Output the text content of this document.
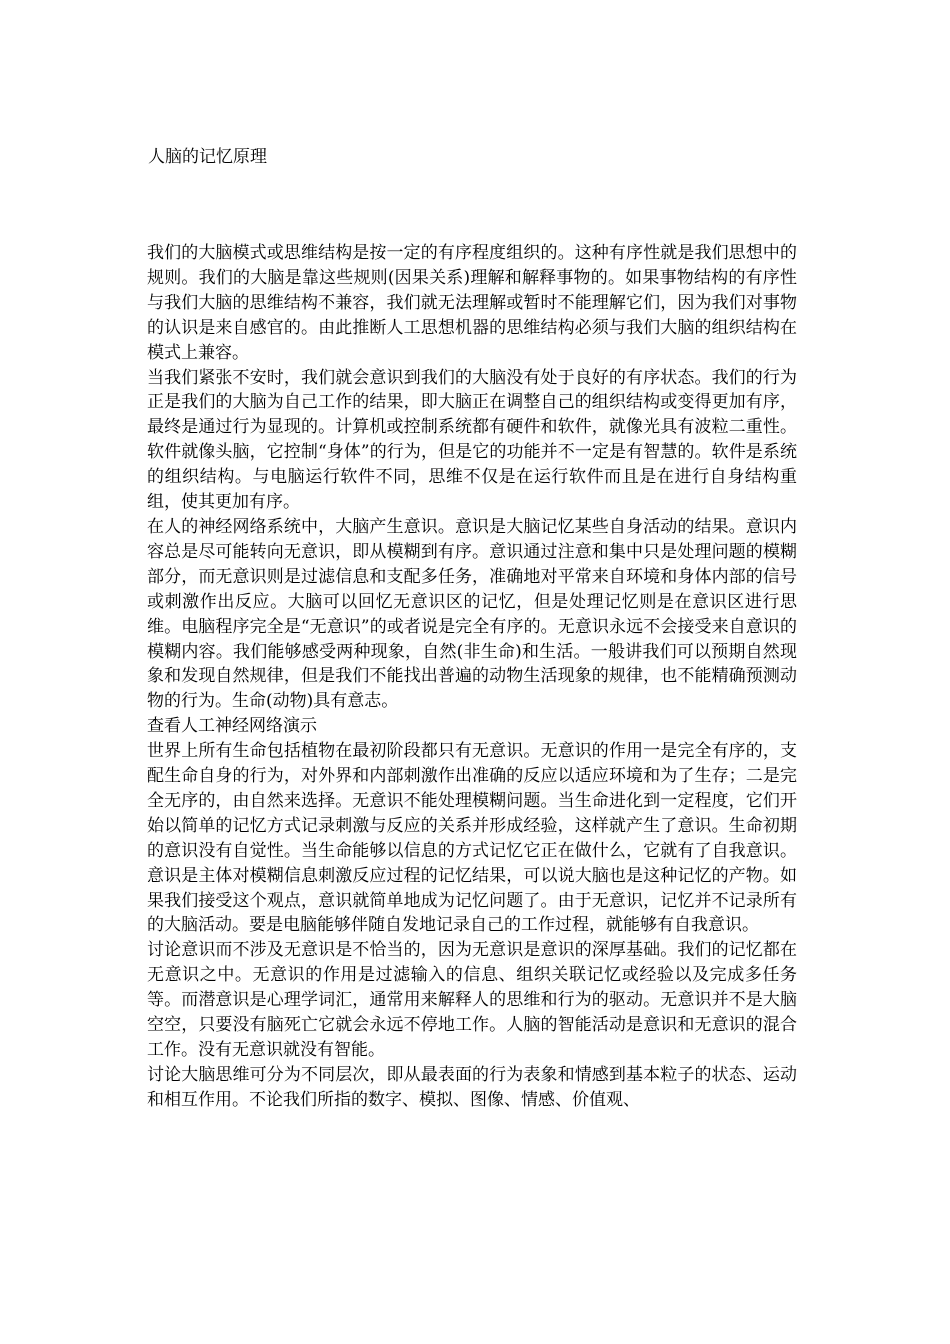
人脑的记忆原理

我们的大脑模式或思维结构是按一定的有序程度组织的。这种有序性就是我们思想中的规则。我们的大脑是靠这些规则(因果关系)理解和解释事物的。如果事物结构的有序性与我们大脑的思维结构不兼容，我们就无法理解或暂时不能理解它们，因为我们对事物的认识是来自感官的。由此推断人工思想机器的思维结构必须与我们大脑的组织结构在模式上兼容。

当我们紧张不安时，我们就会意识到我们的大脑没有处于良好的有序状态。我们的行为正是我们的大脑为自己工作的结果，即大脑正在调整自己的组织结构或变得更加有序，最终是通过行为显现的。计算机或控制系统都有硬件和软件，就像光具有波粒二重性。软件就像头脑，它控制“身体”的行为，但是它的功能并不一定是有智慧的。软件是系统的组织结构。与电脑运行软件不同，思维不仅是在运行软件而且是在进行自身结构重组，使其更加有序。

在人的神经网络系统中，大脑产生意识。意识是大脑记忆某些自身活动的结果。意识内容总是尽可能转向无意识，即从模糊到有序。意识通过注意和集中只是处理问题的模糊部分，而无意识则是过滤信息和支配多任务，准确地对平常来自环境和身体内部的信号或刺激作出反应。大脑可以回忆无意识区的记忆，但是处理记忆则是在意识区进行思维。电脑程序完全是“无意识”的或者说是完全有序的。无意识永远不会接受来自意识的模糊内容。我们能够感受两种现象，自然(非生命)和生活。一般讲我们可以预期自然现象和发现自然规律，但是我们不能找出普遍的动物生活现象的规律，也不能精确预测动物的行为。生命(动物)具有意志。

查看人工神经网络演示

世界上所有生命包括植物在最初阶段都只有无意识。无意识的作用一是完全有序的，支配生命自身的行为，对外界和内部刺激作出准确的反应以适应环境和为了生存；二是完全无序的，由自然来选择。无意识不能处理模糊问题。当生命进化到一定程度，它们开始以简单的记忆方式记录刺激与反应的关系并形成经验，这样就产生了意识。生命初期的意识没有自觉性。当生命能够以信息的方式记忆它正在做什么，它就有了自我意识。意识是主体对模糊信息刺激反应过程的记忆结果，可以说大脑也是这种记忆的产物。如果我们接受这个观点，意识就简单地成为记忆问题了。由于无意识，记忆并不记录所有的大脑活动。要是电脑能够伴随自发地记录自己的工作过程，就能够有自我意识。

讨论意识而不涉及无意识是不恰当的，因为无意识是意识的深厚基础。我们的记忆都在无意识之中。无意识的作用是过滤输入的信息、组织关联记忆或经验以及完成多任务等。而潜意识是心理学词汇，通常用来解释人的思维和行为的驱动。无意识并不是大脑空空，只要没有脑死亡它就会永远不停地工作。人脑的智能活动是意识和无意识的混合工作。没有无意识就没有智能。

讨论大脑思维可分为不同层次，即从最表面的行为表象和情感到基本粒子的状态、运动和相互作用。不论我们所指的数字、模拟、图像、情感、价值观、
